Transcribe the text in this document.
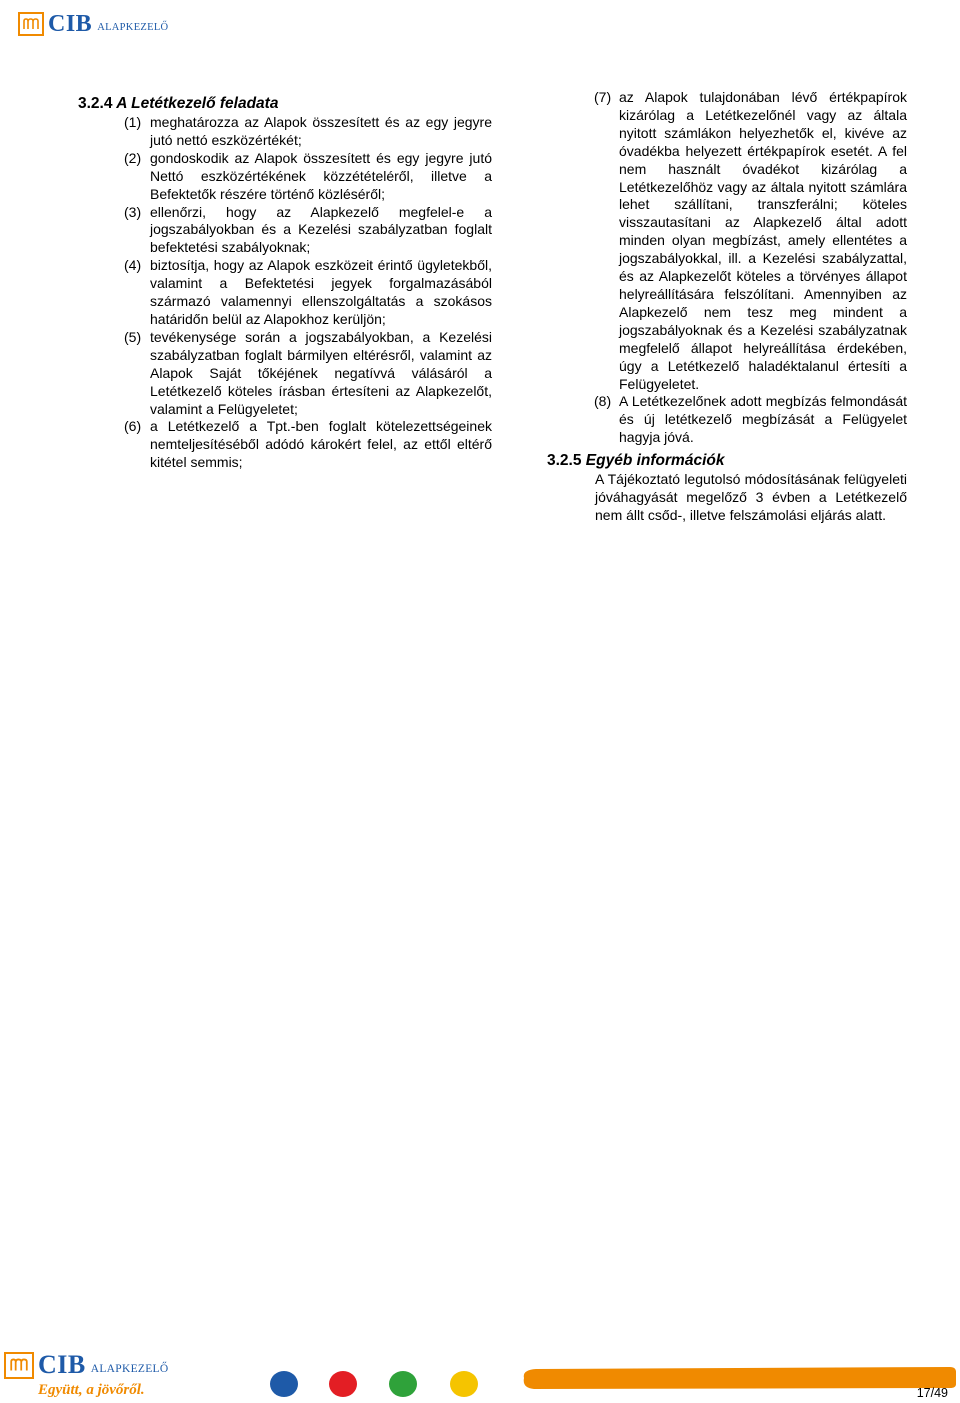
CIB ALAPKEZELŐ
3.2.4 A Letétkezelő feladata
(1) meghatározza az Alapok összesített és az egy jegyre jutó nettó eszközértékét;
(2) gondoskodik az Alapok összesített és egy jegyre jutó Nettó eszközértékének közzétételéről, illetve a Befektetők részére történő közléséről;
(3) ellenőrzi, hogy az Alapkezelő megfelel-e a jogszabályokban és a Kezelési szabályzatban foglalt befektetési szabályoknak;
(4) biztosítja, hogy az Alapok eszközeit érintő ügyletekből, valamint a Befektetési jegyek forgalmazásából származó valamennyi ellenszolgáltatás a szokásos határidőn belül az Alapokhoz kerüljön;
(5) tevékenysége során a jogszabályokban, a Kezelési szabályzatban foglalt bármilyen eltérésről, valamint az Alapok Saját tőkéjének negatívvá válásáról a Letétkezelő köteles írásban értesíteni az Alapkezelőt, valamint a Felügyeletet;
(6) a Letétkezelő a Tpt.-ben foglalt kötelezettségeinek nemteljesítéséből adódó károkért felel, az ettől eltérő kitétel semmis;
(7) az Alapok tulajdonában lévő értékpapírok kizárólag a Letétkezelőnél vagy az általa nyitott számlákon helyezhetők el, kivéve az óvadékba helyezett értékpapírok esetét. A fel nem használt óvadékot kizárólag a Letétkezelőhöz vagy az általa nyitott számlára lehet szállítani, transzferálni; köteles visszautasítani az Alapkezelő által adott minden olyan megbízást, amely ellentétes a jogszabályokkal, ill. a Kezelési szabályzattal, és az Alapkezelőt köteles a törvényes állapot helyreállítására felszólítani. Amennyiben az Alapkezelő nem tesz meg mindent a jogszabályoknak és a Kezelési szabályzatnak megfelelő állapot helyreállítása érdekében, úgy a Letétkezelő haladéktalanul értesíti a Felügyeletet.
(8) A Letétkezelőnek adott megbízás felmondását és új letétkezelő megbízását a Felügyelet hagyja jóvá.
3.2.5 Egyéb információk
A Tájékoztató legutolsó módosításának felügyeleti jóváhagyását megelőző 3 évben a Letétkezelő nem állt csőd-, illetve felszámolási eljárás alatt.
CIB ALAPKEZELŐ
Együtt, a jövőről.	17/49
